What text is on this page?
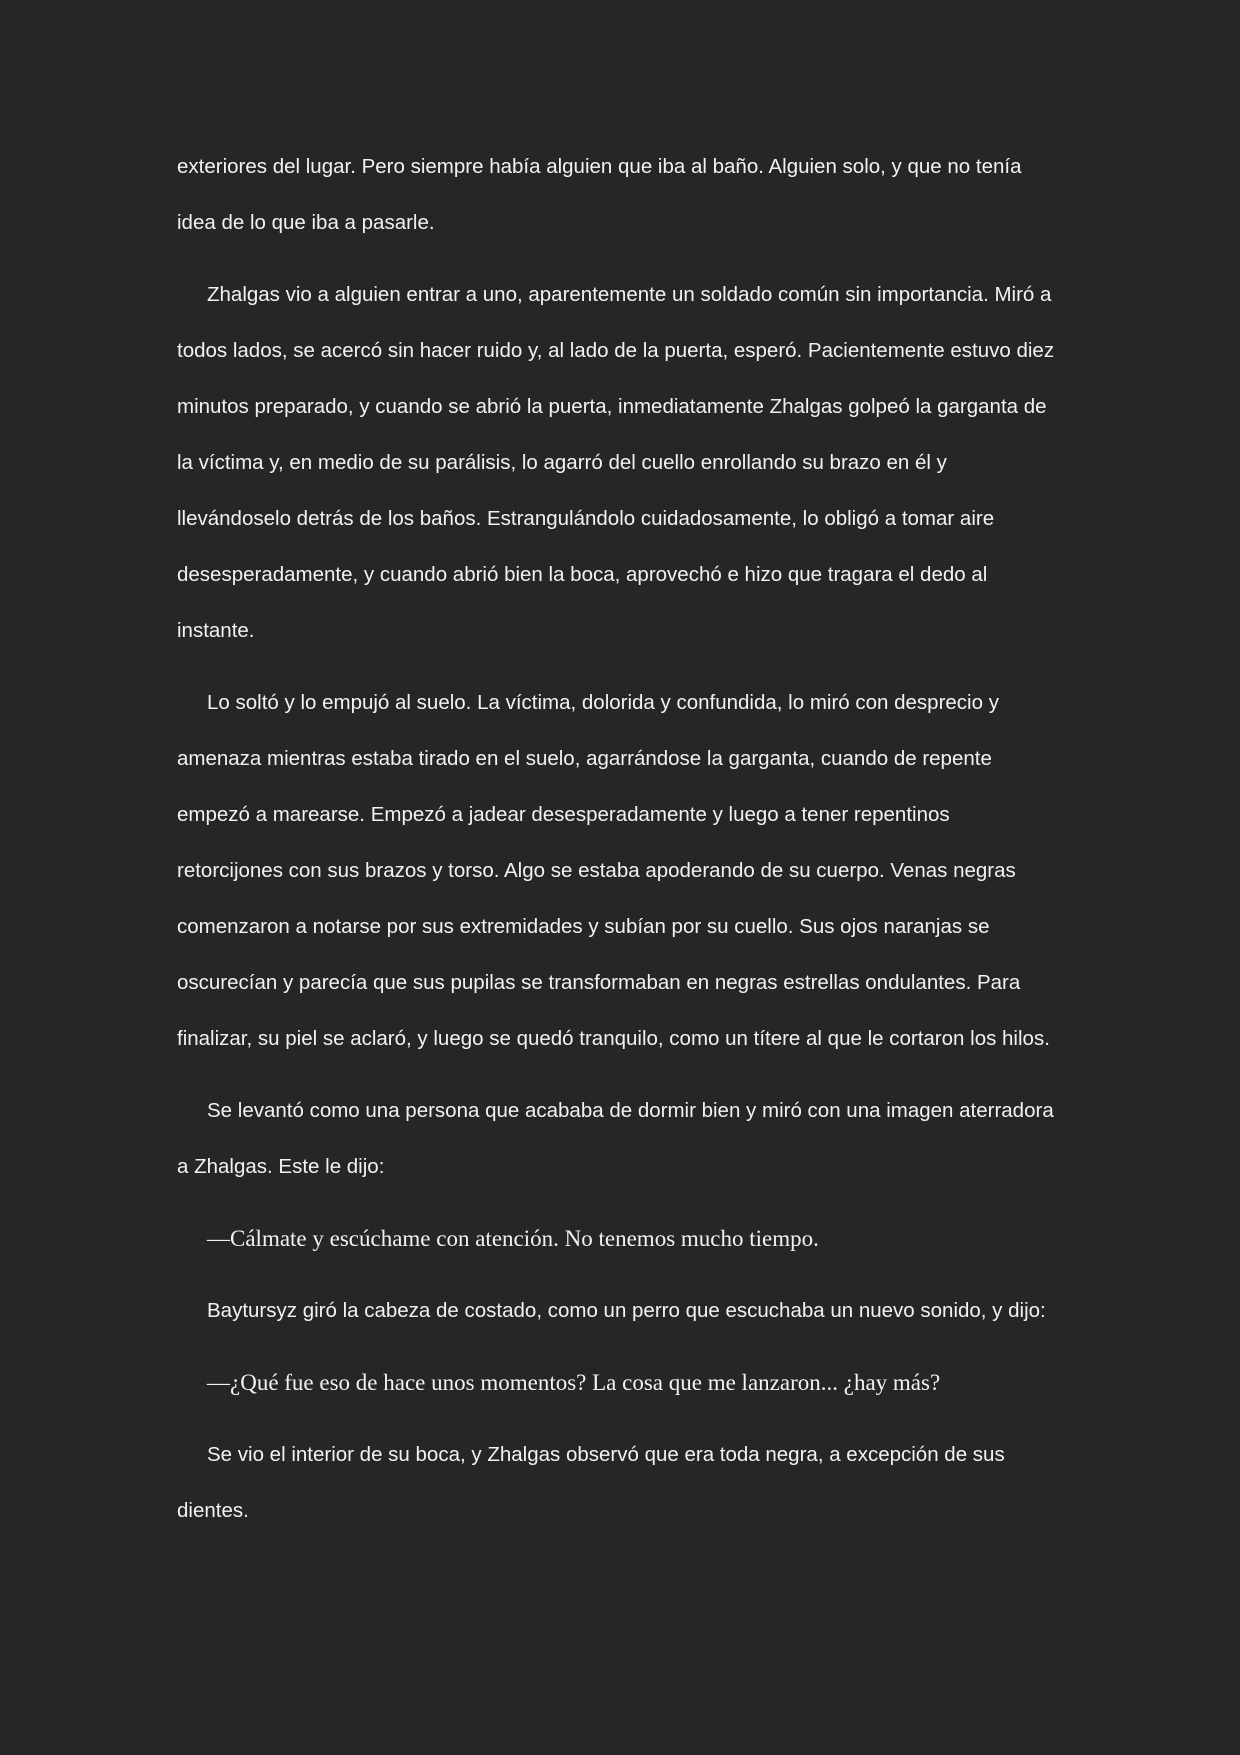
exteriores del lugar. Pero siempre había alguien que iba al baño. Alguien solo, y que no tenía idea de lo que iba a pasarle.

Zhalgas vio a alguien entrar a uno, aparentemente un soldado común sin importancia. Miró a todos lados, se acercó sin hacer ruido y, al lado de la puerta, esperó. Pacientemente estuvo diez minutos preparado, y cuando se abrió la puerta, inmediatamente Zhalgas golpeó la garganta de la víctima y, en medio de su parálisis, lo agarró del cuello enrollando su brazo en él y llevándoselo detrás de los baños. Estrangulándolo cuidadosamente, lo obligó a tomar aire desesperadamente, y cuando abrió bien la boca, aprovechó e hizo que tragara el dedo al instante.

Lo soltó y lo empujó al suelo. La víctima, dolorida y confundida, lo miró con desprecio y amenaza mientras estaba tirado en el suelo, agarrándose la garganta, cuando de repente empezó a marearse. Empezó a jadear desesperadamente y luego a tener repentinos retorcijones con sus brazos y torso. Algo se estaba apoderando de su cuerpo. Venas negras comenzaron a notarse por sus extremidades y subían por su cuello. Sus ojos naranjas se oscurecían y parecía que sus pupilas se transformaban en negras estrellas ondulantes. Para finalizar, su piel se aclaró, y luego se quedó tranquilo, como un títere al que le cortaron los hilos.

Se levantó como una persona que acababa de dormir bien y miró con una imagen aterradora a Zhalgas. Este le dijo:

—Cálmate y escúchame con atención. No tenemos mucho tiempo.

Baytursyz giró la cabeza de costado, como un perro que escuchaba un nuevo sonido, y dijo:

—¿Qué fue eso de hace unos momentos? La cosa que me lanzaron... ¿hay más?

Se vio el interior de su boca, y Zhalgas observó que era toda negra, a excepción de sus dientes.
